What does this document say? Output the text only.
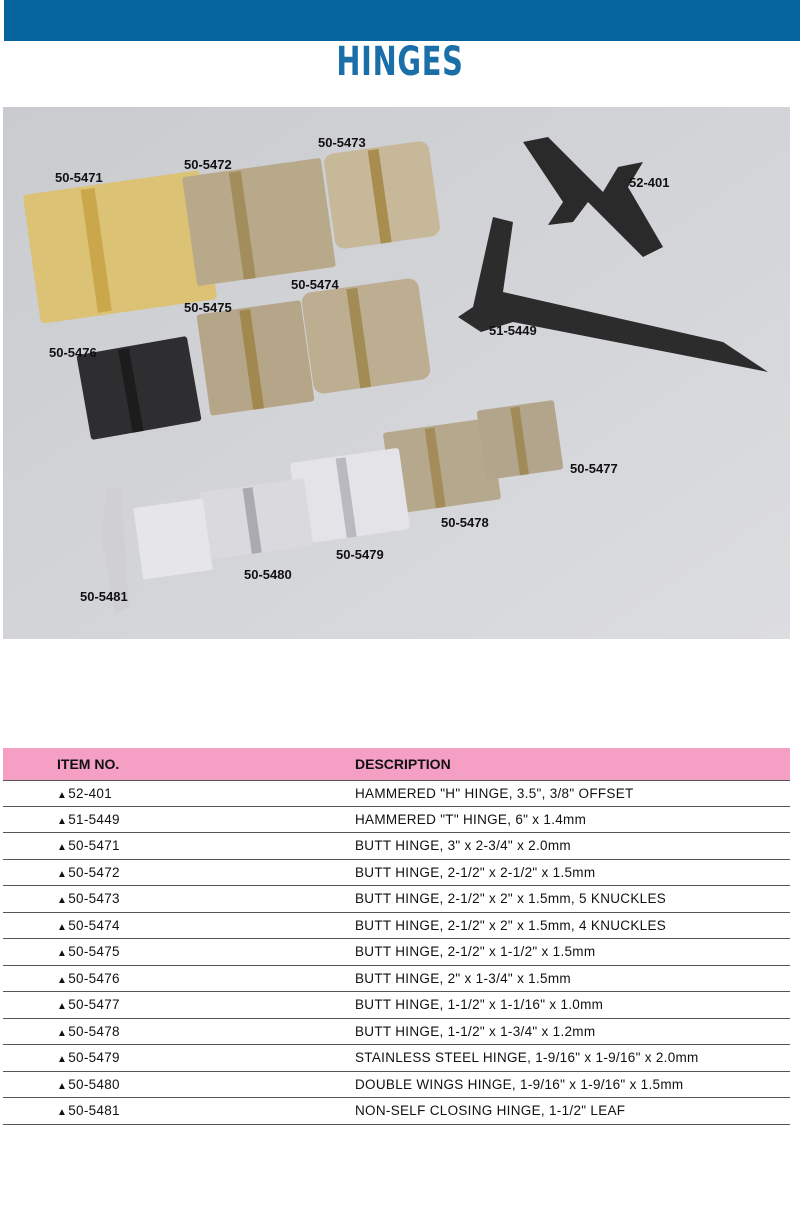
HINGES
50-5473
50-5472
50-5471	52-401
50-5474
50-5475
51-5449
50-5476
50-5477
50-5478
50-5479
50-5480
50-5481
ITEM NO.	DESCRIPTION
▲52-401	HAMMERED "H" HINGE, 3.5", 3/8" OFFSET
▲51-5449	HAMMERED "T" HINGE, 6" x 1.4mm
▲50-5471	BUTT HINGE, 3" x 2-3/4" x 2.0mm
▲50-5472	BUTT HINGE, 2-1/2" x 2-1/2" x 1.5mm
▲50-5473	BUTT HINGE, 2-1/2" x 2" x 1.5mm, 5 KNUCKLES
▲50-5474	BUTT HINGE, 2-1/2" x 2" x 1.5mm, 4 KNUCKLES
▲50-5475	BUTT HINGE, 2-1/2" x 1-1/2" x 1.5mm
▲50-5476	BUTT HINGE, 2" x 1-3/4" x 1.5mm
▲50-5477	BUTT HINGE, 1-1/2" x 1-1/16" x 1.0mm
▲50-5478	BUTT HINGE, 1-1/2" x 1-3/4" x 1.2mm
▲50-5479	STAINLESS STEEL HINGE, 1-9/16" x 1-9/16" x 2.0mm
▲50-5480	DOUBLE WINGS HINGE, 1-9/16" x 1-9/16" x 1.5mm
▲50-5481	NON-SELF CLOSING HINGE, 1-1/2" LEAF
